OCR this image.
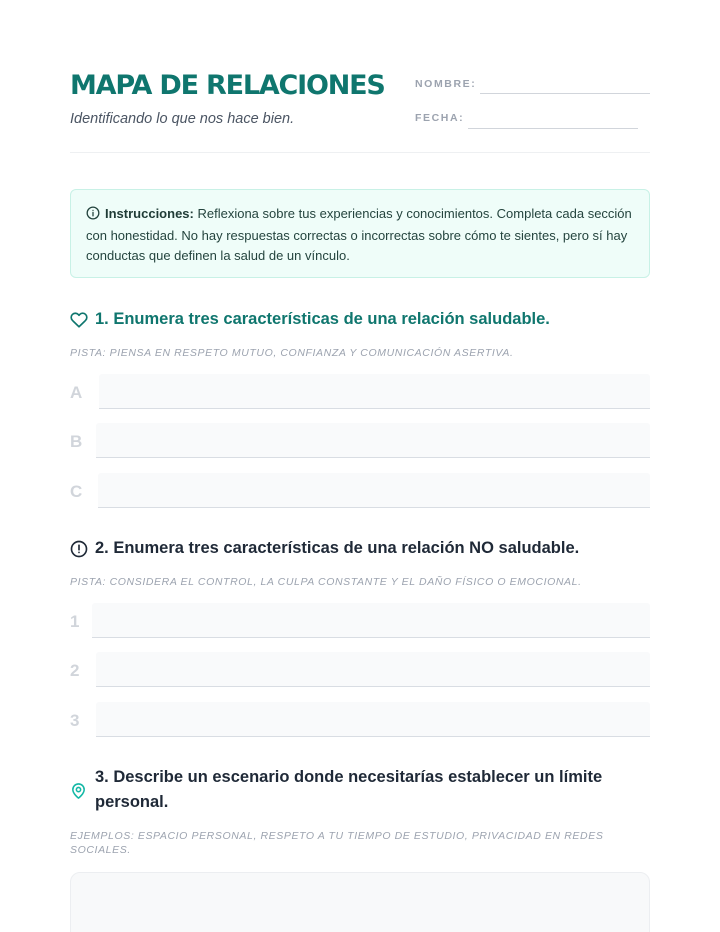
MAPA DE RELACIONES
Identificando lo que nos hace bien.
NOMBRE:
FECHA:
Instrucciones: Reflexiona sobre tus experiencias y conocimientos. Completa cada sección con honestidad. No hay respuestas correctas o incorrectas sobre cómo te sientes, pero sí hay conductas que definen la salud de un vínculo.
1. Enumera tres características de una relación saludable.
PISTA: PIENSA EN RESPETO MUTUO, CONFIANZA Y COMUNICACIÓN ASERTIVA.
A
B
C
2. Enumera tres características de una relación NO saludable.
PISTA: CONSIDERA EL CONTROL, LA CULPA CONSTANTE Y EL DAÑO FÍSICO O EMOCIONAL.
1
2
3
3. Describe un escenario donde necesitarías establecer un límite personal.
EJEMPLOS: ESPACIO PERSONAL, RESPETO A TU TIEMPO DE ESTUDIO, PRIVACIDAD EN REDES SOCIALES.
